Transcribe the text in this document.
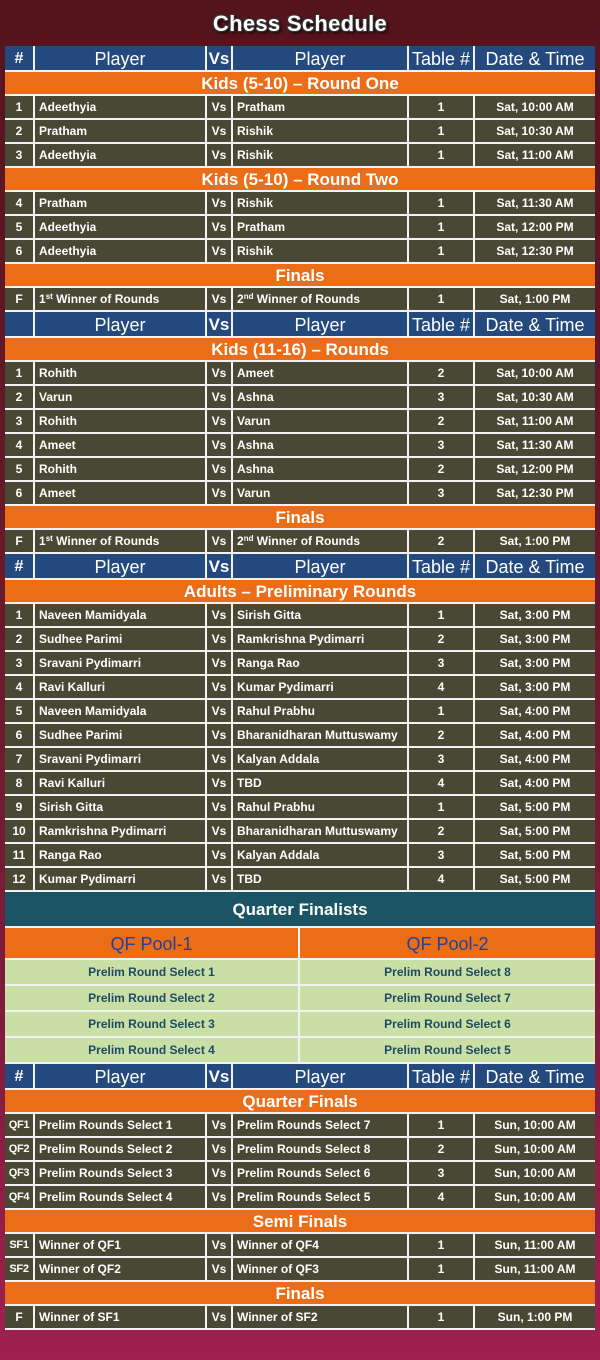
Chess Schedule
#	Player	Vs	Player	Table # Date & Time
Kids (5-10) – Round One
1	Adeethyia	Vs Pratham	1	Sat, 10:00 AM
2	Pratham	Vs Rishik	1	Sat, 10:30 AM
3	Adeethyia	Vs Rishik	1	Sat, 11:00 AM
Kids (5-10) – Round Two
4	Pratham	Vs Rishik	1	Sat, 11:30 AM
5	Adeethyia	Vs Pratham	1	Sat, 12:00 PM
6	Adeethyia	Vs Rishik	1	Sat, 12:30 PM
Finals
F	1st Winner of Rounds	Vs 2nd Winner of Rounds	1	Sat, 1:00 PM
Player	Vs	Player	Table # Date & Time
Kids (11-16) – Rounds
1	Rohith	Vs Ameet	2	Sat, 10:00 AM
2	Varun	Vs Ashna	3	Sat, 10:30 AM
3	Rohith	Vs Varun	2	Sat, 11:00 AM
4	Ameet	Vs Ashna	3	Sat, 11:30 AM
5	Rohith	Vs Ashna	2	Sat, 12:00 PM
6	Ameet	Vs Varun	3	Sat, 12:30 PM
Finals
F	1st Winner of Rounds	Vs 2nd Winner of Rounds	2	Sat, 1:00 PM
#	Player	Vs	Player	Table # Date & Time
Adults – Preliminary Rounds
1	Naveen Mamidyala	Vs Sirish Gitta	1	Sat, 3:00 PM
2	Sudhee Parimi	Vs Ramkrishna Pydimarri	2	Sat, 3:00 PM
3	Sravani Pydimarri	Vs Ranga Rao	3	Sat, 3:00 PM
4	Ravi Kalluri	Vs Kumar Pydimarri	4	Sat, 3:00 PM
5	Naveen Mamidyala	Vs Rahul Prabhu	1	Sat, 4:00 PM
6	Sudhee Parimi	Vs Bharanidharan Muttuswamy	2	Sat, 4:00 PM
7	Sravani Pydimarri	Vs Kalyan Addala	3	Sat, 4:00 PM
8	Ravi Kalluri	Vs TBD	4	Sat, 4:00 PM
9	Sirish Gitta	Vs Rahul Prabhu	1	Sat, 5:00 PM
10	Ramkrishna Pydimarri	Vs Bharanidharan Muttuswamy	2	Sat, 5:00 PM
11	Ranga Rao	Vs Kalyan Addala	3	Sat, 5:00 PM
12	Kumar Pydimarri	Vs TBD	4	Sat, 5:00 PM
Quarter Finalists
QF Pool-1	QF Pool-2
Prelim Round Select 1	Prelim Round Select 8
Prelim Round Select 2	Prelim Round Select 7
Prelim Round Select 3	Prelim Round Select 6
Prelim Round Select 4	Prelim Round Select 5
#	Player	Vs	Player	Table # Date & Time
Quarter Finals
QF1 Prelim Rounds Select 1	Vs Prelim Rounds Select 7	1	Sun, 10:00 AM
QF2 Prelim Rounds Select 2	Vs Prelim Rounds Select 8	2	Sun, 10:00 AM
QF3 Prelim Rounds Select 3	Vs Prelim Rounds Select 6	3	Sun, 10:00 AM
QF4 Prelim Rounds Select 4	Vs Prelim Rounds Select 5	4	Sun, 10:00 AM
Semi Finals
SF1 Winner of QF1	Vs Winner of QF4	1	Sun, 11:00 AM
SF2 Winner of QF2	Vs Winner of QF3	1	Sun, 11:00 AM
Finals
F	Winner of SF1	Vs Winner of SF2	1	Sun, 1:00 PM
